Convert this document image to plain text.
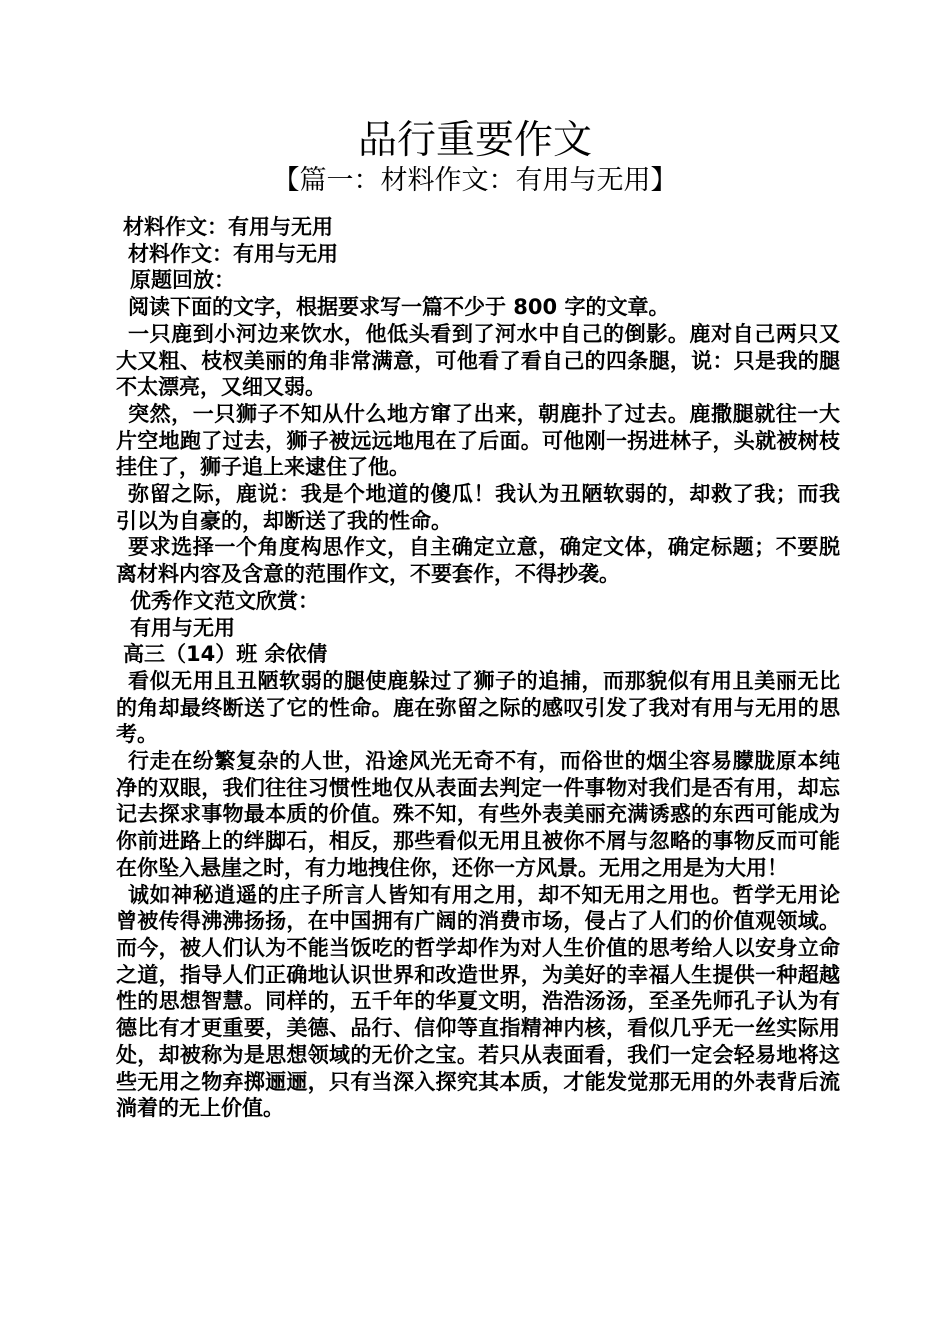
品行重要作文
【篇一：材料作文：有用与无用】

材料作文：有用与无用

材料作文：有用与无用

原题回放：

阅读下面的文字，根据要求写一篇不少于 800 字的文章。

一只鹿到小河边来饮水，他低头看到了河水中自己的倒影。鹿对自己两只又大又粗、枝杈美丽的角非常满意，可他看了看自己的四条腿，说：只是我的腿不太漂亮，又细又弱。

突然，一只狮子不知从什么地方窜了出来，朝鹿扑了过去。鹿撒腿就往一大片空地跑了过去，狮子被远远地甩在了后面。可他刚一拐进林子，头就被树枝挂住了，狮子追上来逮住了他。

弥留之际，鹿说：我是个地道的傻瓜！我认为丑陋软弱的，却救了我；而我引以为自豪的，却断送了我的性命。

要求选择一个角度构思作文，自主确定立意，确定文体，确定标题；不要脱离材料内容及含意的范围作文，不要套作，不得抄袭。

优秀作文范文欣赏：

有用与无用

高三（14）班 余依倩

看似无用且丑陋软弱的腿使鹿躲过了狮子的追捕，而那貌似有用且美丽无比的角却最终断送了它的性命。鹿在弥留之际的感叹引发了我对有用与无用的思考。

行走在纷繁复杂的人世，沿途风光无奇不有，而俗世的烟尘容易朦胧原本纯净的双眼，我们往往习惯性地仅从表面去判定一件事物对我们是否有用，却忘记去探求事物最本质的价值。殊不知，有些外表美丽充满诱惑的东西可能成为你前进路上的绊脚石，相反，那些看似无用且被你不屑与忽略的事物反而可能在你坠入悬崖之时，有力地拽住你，还你一方风景。无用之用是为大用！

诚如神秘逍遥的庄子所言人皆知有用之用，却不知无用之用也。哲学无用论曾被传得沸沸扬扬，在中国拥有广阔的消费市场，侵占了人们的价值观领域。而今，被人们认为不能当饭吃的哲学却作为对人生价值的思考给人以安身立命之道，指导人们正确地认识世界和改造世界，为美好的幸福人生提供一种超越性的思想智慧。同样的，五千年的华夏文明，浩浩汤汤，至圣先师孔子认为有德比有才更重要，美德、品行、信仰等直指精神内核，看似几乎无一丝实际用处，却被称为是思想领域的无价之宝。若只从表面看，我们一定会轻易地将这些无用之物弃掷逦逦，只有当深入探究其本质，才能发觉那无用的外表背后流淌着的无上价值。
